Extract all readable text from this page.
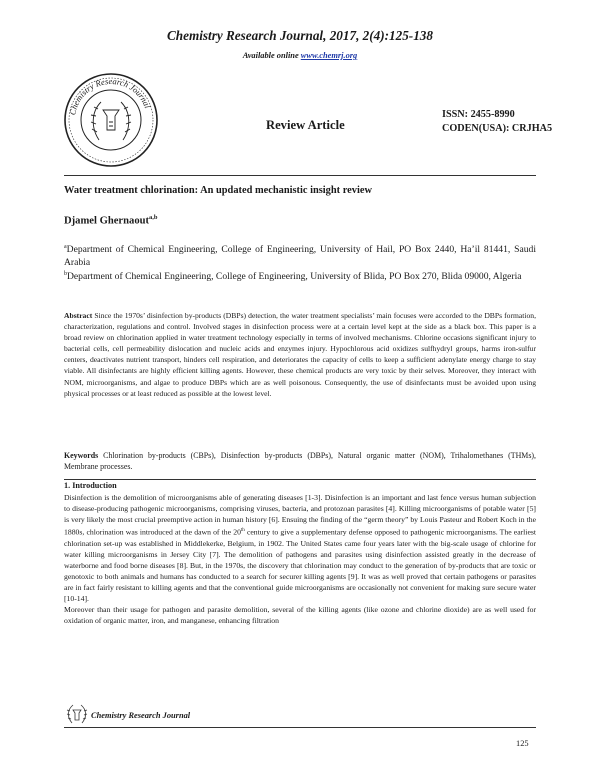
Chemistry Research Journal, 2017, 2(4):125-138
Available online www.chemrj.org
Chemistry Research Journal
Review Article
ISSN: 2455-8990
CODEN(USA): CRJHA5
Water treatment chlorination: An updated mechanistic insight review
Djamel Ghernaout$^{a,b}$
$^a$Department of Chemical Engineering, College of Engineering, University of Hail, PO Box 2440, Ha’il 81441, Saudi Arabia
$^b$Department of Chemical Engineering, College of Engineering, University of Blida, PO Box 270, Blida 09000, Algeria
Abstract Since the 1970s’ disinfection by-products (DBPs) detection, the water treatment specialists’ main focuses were accorded to the DBPs formation, characterization, regulations and control. Involved stages in disinfection process were at a certain level kept at the side as a black box. This paper is a broad review on chlorination applied in water treatment technology especially in terms of involved mechanisms. Chlorine occasions significant injury to bacterial cells, cell permeability dislocation and nucleic acids and enzymes injury. Hypochlorous acid oxidizes sulfhydryl groups, harms iron-sulfur centers, deactivates nutrient transport, hinders cell respiration, and deteriorates the capacity of cells to keep a sufficient adenylate energy charge to stay viable. All disinfectants are highly efficient killing agents. However, these chemical products are very toxic by their selves. Moreover, they interact with NOM, microorganisms, and algae to produce DBPs which are as well poisonous. Consequently, the use of disinfectants must be avoided upon using physical processes or at least reduced as possible at the lowest level.
Keywords Chlorination by-products (CBPs), Disinfection by-products (DBPs), Natural organic matter (NOM), Trihalomethanes (THMs), Membrane processes.
1. Introduction

Disinfection is the demolition of microorganisms able of generating diseases [1-3]. Disinfection is an important and last fence versus human subjection to disease-producing pathogenic microorganisms, comprising viruses, bacteria, and protozoan parasites [4]. Killing microorganisms of potable water [5] is very likely the most crucial preemptive action in human history [6]. Ensuing the finding of the “germ theory” by Louis Pasteur and Robert Koch in the 1880s, chlorination was introduced at the dawn of the 20th century to give a supplementary defense opposed to pathogenic microorganisms. The earliest chlorination set-up was established in Middlekerke, Belgium, in 1902. The United States came four years later with the big-scale usage of chlorine for water killing microorganisms in Jersey City [7]. The demolition of pathogens and parasites using disinfection assisted greatly in the decrease of waterborne and food borne diseases [8]. But, in the 1970s, the discovery that chlorination may conduct to the generation of by-products that are toxic or genotoxic to both animals and humans has conducted to a search for securer killing agents [9]. It was as well proved that certain pathogens or parasites are in fact fairly resistant to killing agents and that the conventional guide microorganisms are occasionally not convenient for making sure secure water [10-14].

Moreover than their usage for pathogen and parasite demolition, several of the killing agents (like ozone and chlorine dioxide) are as well used for oxidation of organic matter, iron, and manganese, enhancing filtration

Chemistry Research Journal
125
